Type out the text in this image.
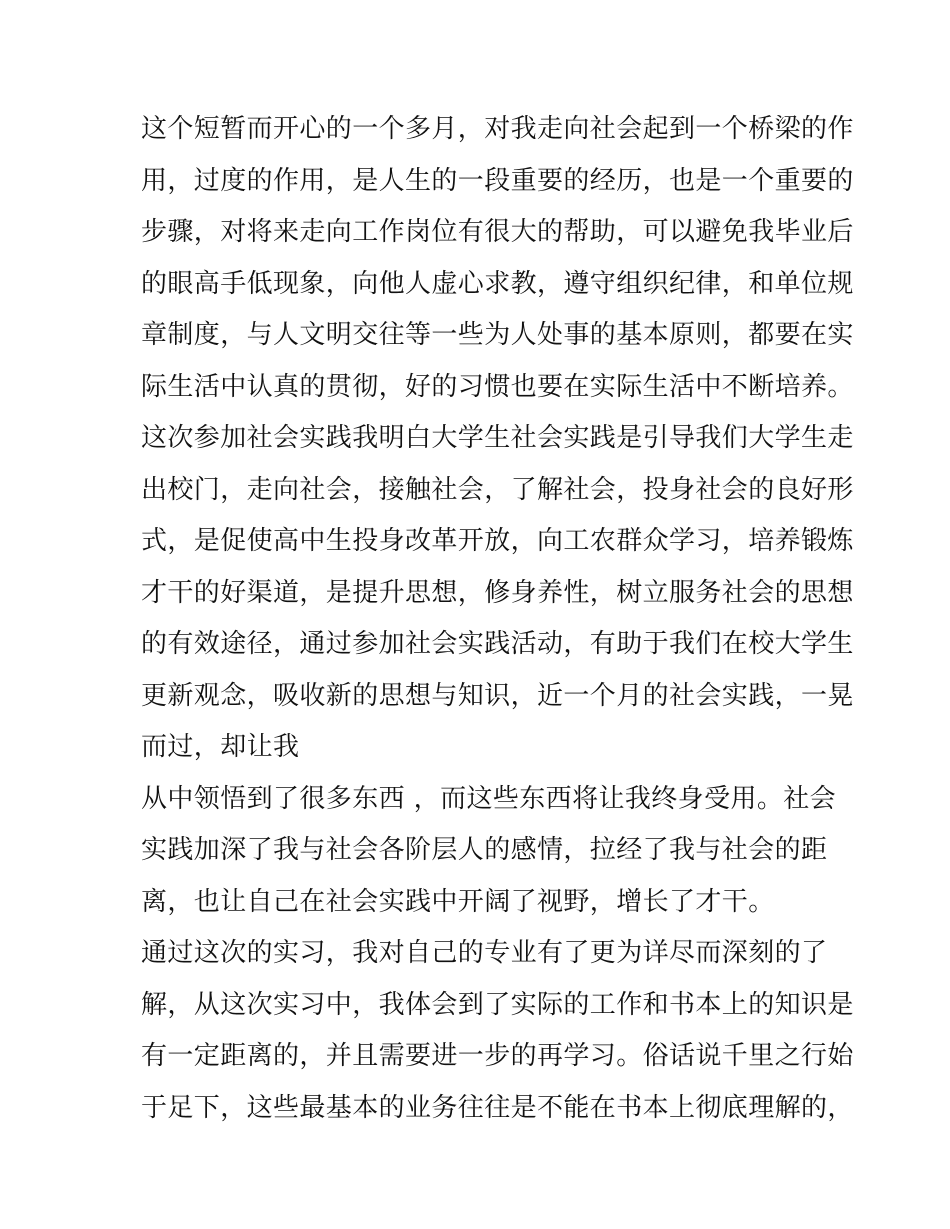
这个短暂而开心的一个多月，对我走向社会起到一个桥梁的作
用，过度的作用，是人生的一段重要的经历，也是一个重要的
步骤，对将来走向工作岗位有很大的帮助，可以避免我毕业后
的眼高手低现象，向他人虚心求教，遵守组织纪律，和单位规
章制度，与人文明交往等一些为人处事的基本原则，都要在实
际生活中认真的贯彻，好的习惯也要在实际生活中不断培养。
这次参加社会实践我明白大学生社会实践是引导我们大学生走
出校门，走向社会，接触社会，了解社会，投身社会的良好形
式，是促使高中生投身改革开放，向工农群众学习，培养锻炼
才干的好渠道，是提升思想，修身养性，树立服务社会的思想
的有效途径，通过参加社会实践活动，有助于我们在校大学生
更新观念，吸收新的思想与知识，近一个月的社会实践，一晃
而过，却让我
从中领悟到了很多东西 ，而这些东西将让我终身受用。社会
实践加深了我与社会各阶层人的感情，拉经了我与社会的距
离，也让自己在社会实践中开阔了视野，增长了才干。
通过这次的实习，我对自己的专业有了更为详尽而深刻的了
解，从这次实习中，我体会到了实际的工作和书本上的知识是
有一定距离的，并且需要进一步的再学习。俗话说千里之行始
于足下，这些最基本的业务往往是不能在书本上彻底理解的，
